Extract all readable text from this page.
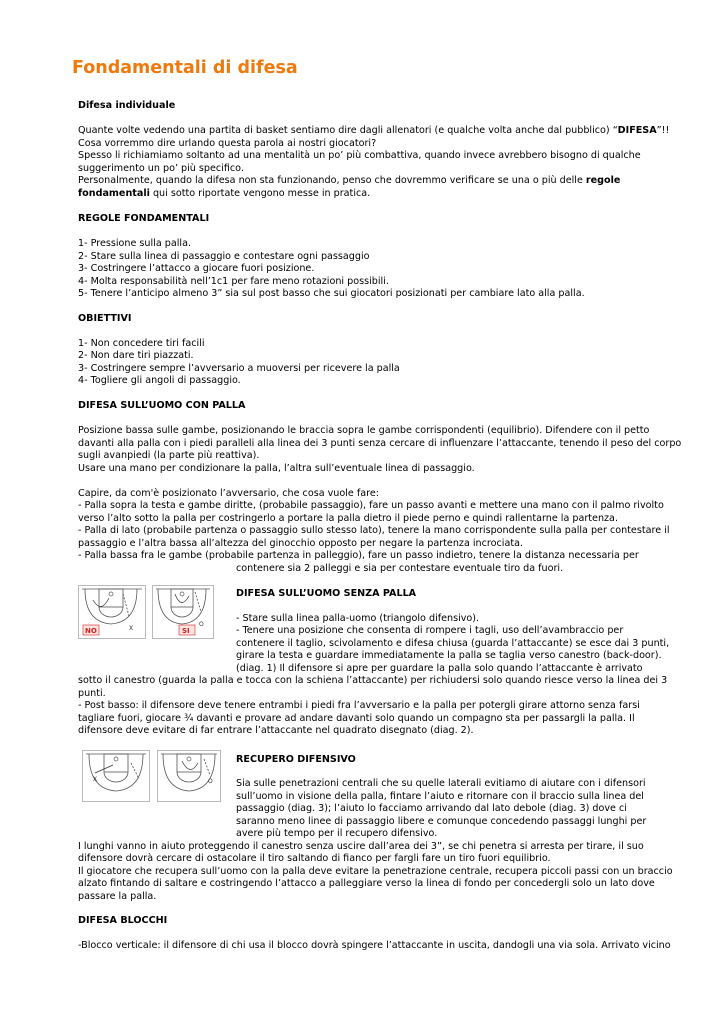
Fondamentali di difesa
Difesa individuale
Quante volte vedendo una partita di basket sentiamo dire dagli allenatori (e qualche volta anche dal pubblico) “DIFESA”!!
Cosa vorremmo dire urlando questa parola ai nostri giocatori?
Spesso li richiamiamo soltanto ad una mentalità un po’ più combattiva, quando invece avrebbero bisogno di qualche
suggerimento un po’ più specifico.
Personalmente, quando la difesa non sta funzionando, penso che dovremmo verificare se una o più delle regole
fondamentali qui sotto riportate vengono messe in pratica.
REGOLE FONDAMENTALI
1- Pressione sulla palla.
2- Stare sulla linea di passaggio e contestare ogni passaggio
3- Costringere l’attacco a giocare fuori posizione.
4- Molta responsabilità nell’1c1 per fare meno rotazioni possibili.
5- Tenere l’anticipo almeno 3” sia sul post basso che sui giocatori posizionati per cambiare lato alla palla.
OBIETTIVI
1- Non concedere tiri facili
2- Non dare tiri piazzati.
3- Costringere sempre l’avversario a muoversi per ricevere la palla
4- Togliere gli angoli di passaggio.
DIFESA SULL’UOMO CON PALLA
Posizione bassa sulle gambe, posizionando le braccia sopra le gambe corrispondenti (equilibrio). Difendere con il petto
davanti alla palla con i piedi paralleli alla linea dei 3 punti senza cercare di influenzare l’attaccante, tenendo il peso del corpo
sugli avanpiedi (la parte più reattiva).
Usare una mano per condizionare la palla, l’altra sull’eventuale linea di passaggio.
Capire, da com'è posizionato l’avversario, che cosa vuole fare:
- Palla sopra la testa e gambe diritte, (probabile passaggio), fare un passo avanti e mettere una mano con il palmo rivolto
verso l’alto sotto la palla per costringerlo a portare la palla dietro il piede perno e quindi rallentarne la partenza.
- Palla di lato (probabile partenza o passaggio sullo stesso lato), tenere la mano corrispondente sulla palla per contestare il
passaggio e l’altra bassa all’altezza del ginocchio opposto per negare la partenza incrociata.
- Palla bassa fra le gambe (probabile partenza in palleggio), fare un passo indietro, tenere la distanza necessaria per
contenere sia 2 palleggi e sia per contestare eventuale tiro da fuori.
X
NO
O
SI
DIFESA SULL’UOMO SENZA PALLA
- Stare sulla linea palla-uomo (triangolo difensivo).
- Tenere una posizione che consenta di rompere i tagli, uso dell’avambraccio per
contenere il taglio, scivolamento e difesa chiusa (guarda l’attaccante) se esce dai 3 punti,
girare la testa e guardare immediatamente la palla se taglia verso canestro (back-door).
(diag. 1) Il difensore si apre per guardare la palla solo quando l’attaccante è arrivato
sotto il canestro (guarda la palla e tocca con la schiena l’attaccante) per richiudersi solo quando riesce verso la linea dei 3
punti.
- Post basso: il difensore deve tenere entrambi i piedi fra l’avversario e la palla per potergli girare attorno senza farsi
tagliare fuori, giocare ¾ davanti e provare ad andare davanti solo quando un compagno sta per passargli la palla. Il
difensore deve evitare di far entrare l’attaccante nel quadrato disegnato (diag. 2).
X	O
RECUPERO DIFENSIVO
Sia sulle penetrazioni centrali che su quelle laterali evitiamo di aiutare con i difensori
sull’uomo in visione della palla, fintare l’aiuto e ritornare con il braccio sulla linea del
passaggio (diag. 3); l’aiuto lo facciamo arrivando dal lato debole (diag. 3) dove ci
saranno meno linee di passaggio libere e comunque concedendo passaggi lunghi per
avere più tempo per il recupero difensivo.
I lunghi vanno in aiuto proteggendo il canestro senza uscire dall’area dei 3”, se chi penetra si arresta per tirare, il suo
difensore dovrà cercare di ostacolare il tiro saltando di fianco per fargli fare un tiro fuori equilibrio.
Il giocatore che recupera sull’uomo con la palla deve evitare la penetrazione centrale, recupera piccoli passi con un braccio
alzato fintando di saltare e costringendo l’attacco a palleggiare verso la linea di fondo per concedergli solo un lato dove
passare la palla.
DIFESA BLOCCHI
-Blocco verticale: il difensore di chi usa il blocco dovrà spingere l’attaccante in uscita, dandogli una via sola. Arrivato vicino
